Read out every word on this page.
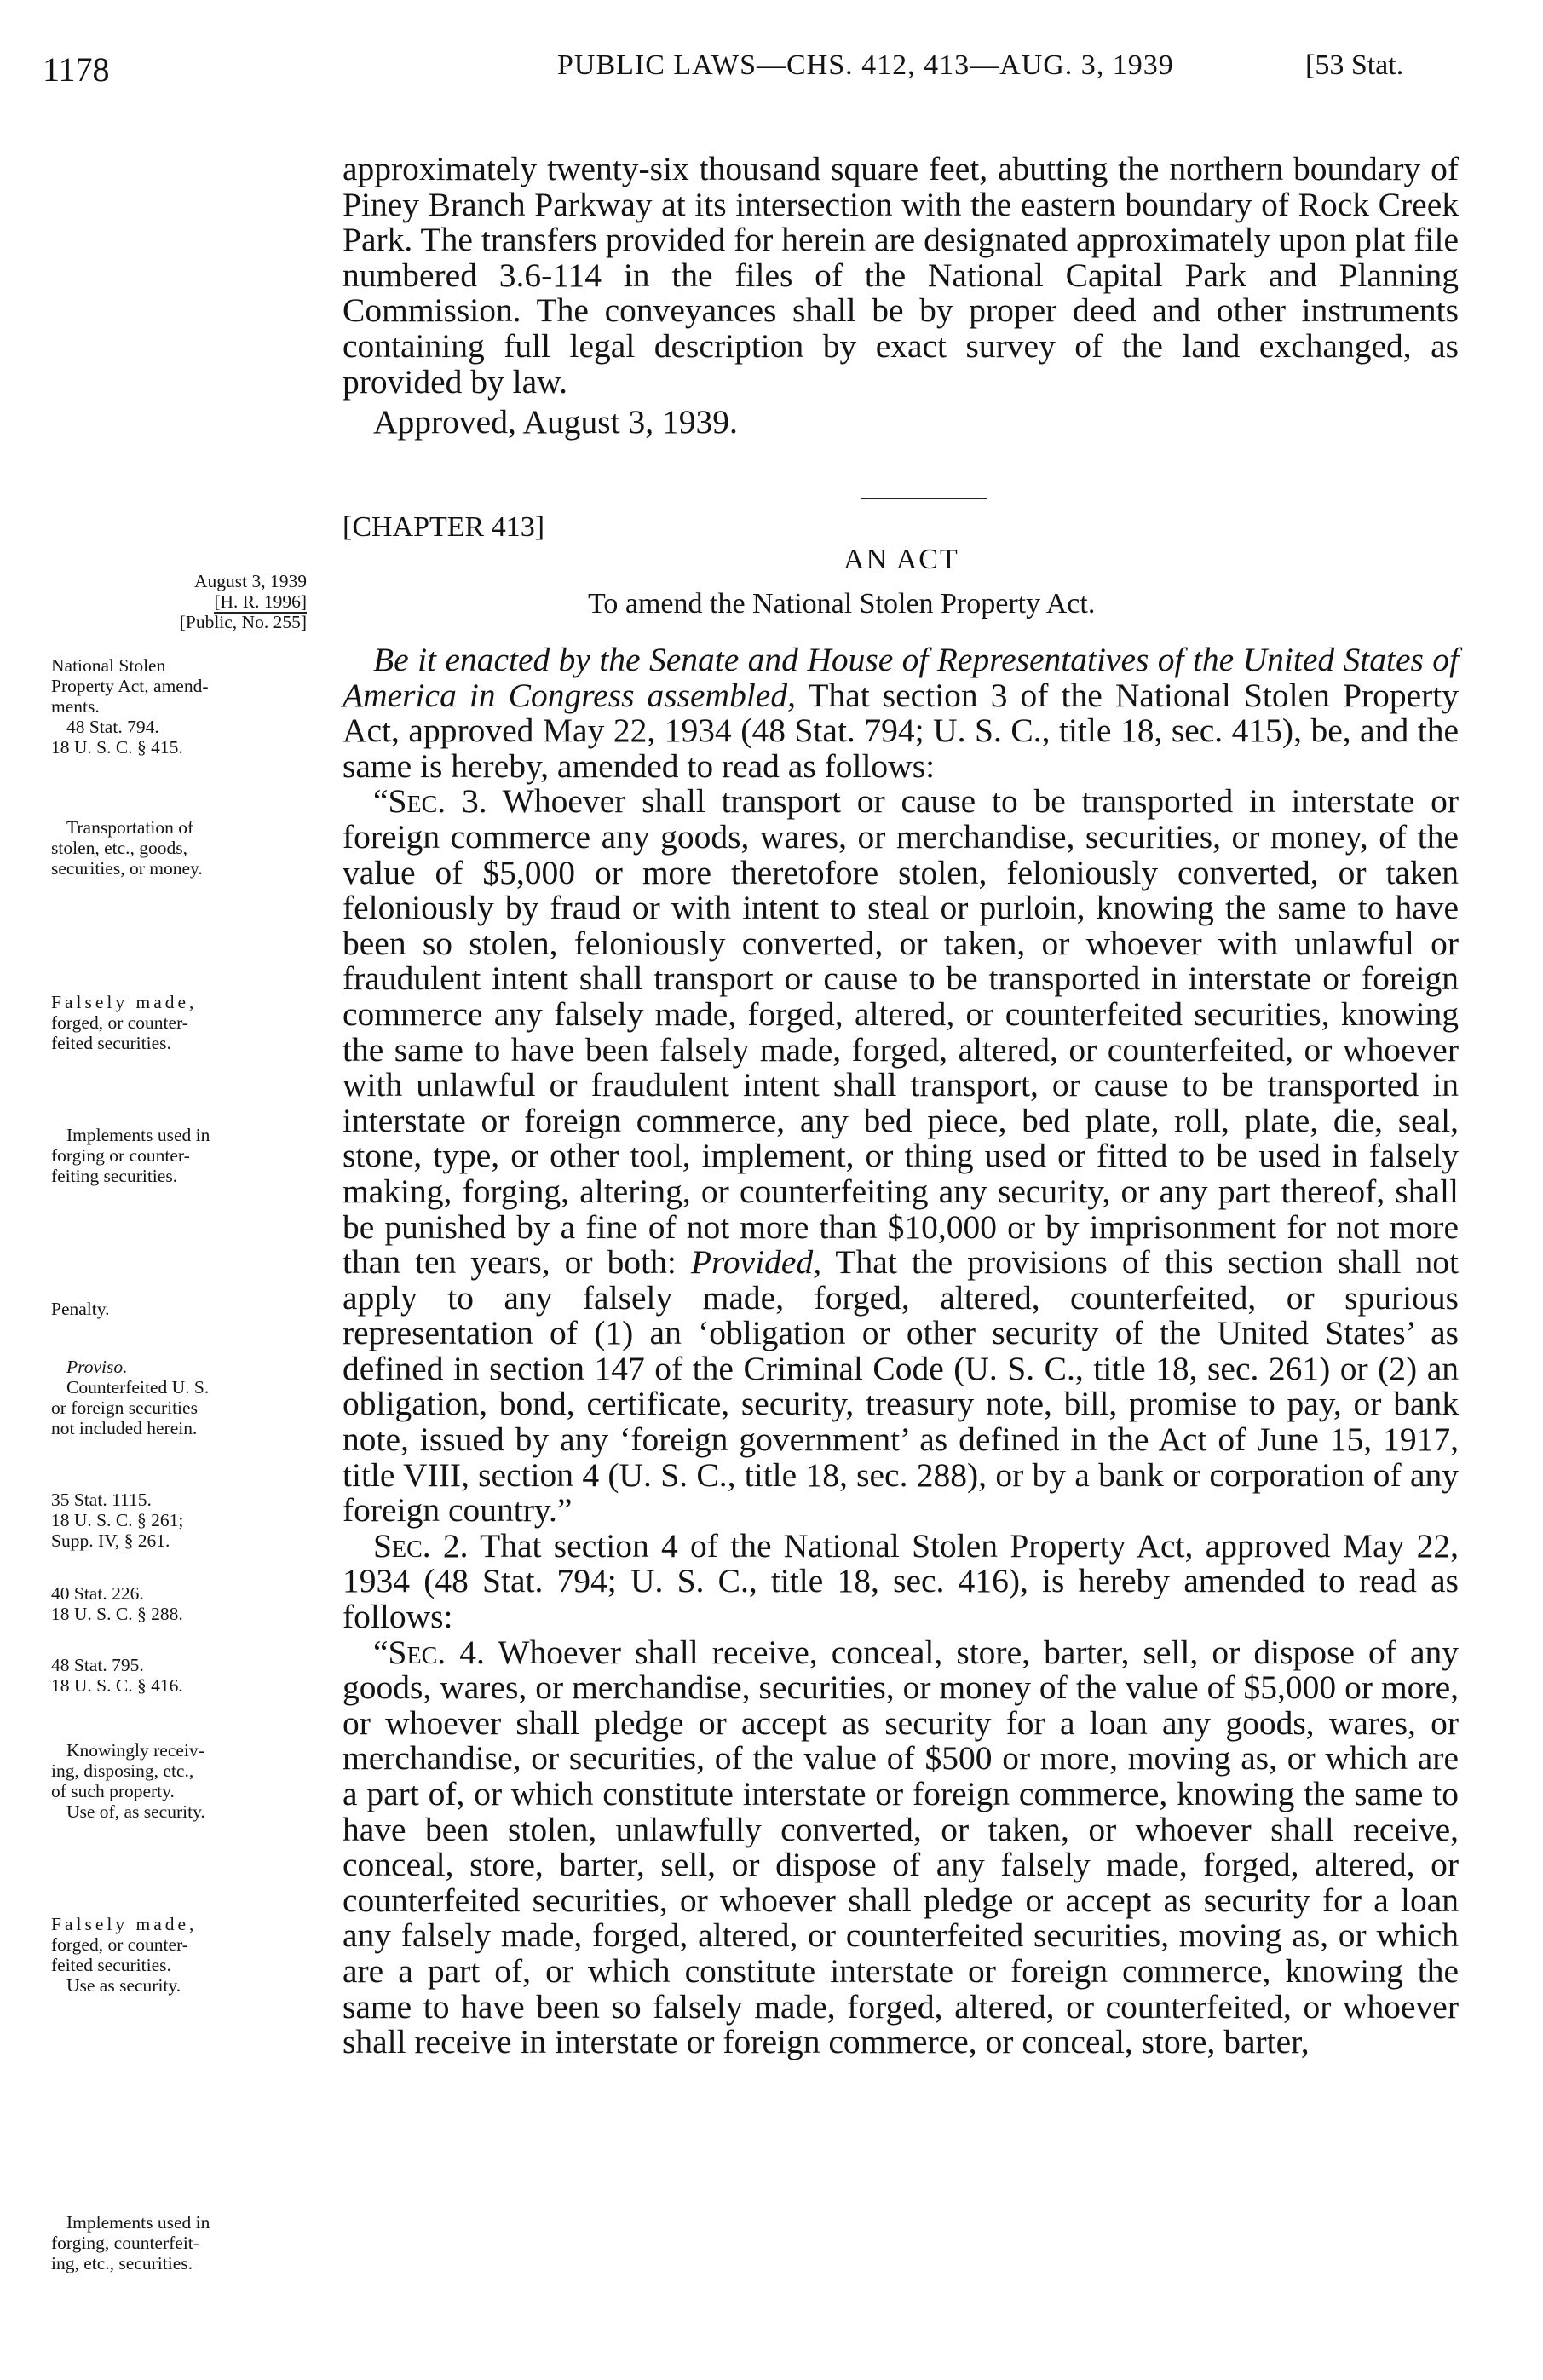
1178	PUBLIC LAWS—CHS. 412, 413—AUG. 3, 1939	[53 Stat.

approximately twenty-six thousand square feet, abutting the northern boundary of Piney Branch Parkway at its intersection with the eastern boundary of Rock Creek Park. The transfers provided for herein are designated approximately upon plat file numbered 3.6-114 in the files of the National Capital Park and Planning Commission. The conveyances shall be by proper deed and other instruments containing full legal description by exact survey of the land exchanged, as provided by law.

Approved, August 3, 1939.

[CHAPTER 413]
AN ACT
To amend the National Stolen Property Act.

Be it enacted by the Senate and House of Representatives of the United States of America in Congress assembled, That section 3 of the National Stolen Property Act, approved May 22, 1934 (48 Stat. 794; U. S. C., title 18, sec. 415), be, and the same is hereby, amended to read as follows:

“Sec. 3. Whoever shall transport or cause to be transported in interstate or foreign commerce any goods, wares, or merchandise, securities, or money, of the value of $5,000 or more theretofore stolen, feloniously converted, or taken feloniously by fraud or with intent to steal or purloin, knowing the same to have been so stolen, feloniously converted, or taken, or whoever with unlawful or fraudulent intent shall transport or cause to be transported in interstate or foreign commerce any falsely made, forged, altered, or counterfeited securities, knowing the same to have been falsely made, forged, altered, or counterfeited, or whoever with unlawful or fraudulent intent shall transport, or cause to be transported in interstate or foreign commerce, any bed piece, bed plate, roll, plate, die, seal, stone, type, or other tool, implement, or thing used or fitted to be used in falsely making, forging, altering, or counterfeiting any security, or any part thereof, shall be punished by a fine of not more than $10,000 or by imprisonment for not more than ten years, or both: Provided, That the provisions of this section shall not apply to any falsely made, forged, altered, counterfeited, or spurious representation of (1) an ‘obligation or other security of the United States’ as defined in section 147 of the Criminal Code (U. S. C., title 18, sec. 261) or (2) an obligation, bond, certificate, security, treasury note, bill, promise to pay, or bank note, issued by any ‘foreign government’ as defined in the Act of June 15, 1917, title VIII, section 4 (U. S. C., title 18, sec. 288), or by a bank or corporation of any foreign country.”

Sec. 2. That section 4 of the National Stolen Property Act, approved May 22, 1934 (48 Stat. 794; U. S. C., title 18, sec. 416), is hereby amended to read as follows:

“Sec. 4. Whoever shall receive, conceal, store, barter, sell, or dispose of any goods, wares, or merchandise, securities, or money of the value of $5,000 or more, or whoever shall pledge or accept as security for a loan any goods, wares, or merchandise, or securities, of the value of $500 or more, moving as, or which are a part of, or which constitute interstate or foreign commerce, knowing the same to have been stolen, unlawfully converted, or taken, or whoever shall receive, conceal, store, barter, sell, or dispose of any falsely made, forged, altered, or counterfeited securities, or whoever shall pledge or accept as security for a loan any falsely made, forged, altered, or counterfeited securities, moving as, or which are a part of, or which constitute interstate or foreign commerce, knowing the same to have been so falsely made, forged, altered, or counterfeited, or whoever shall receive in interstate or foreign commerce, or conceal, store, barter,

August 3, 1939
[H. R. 1996]
[Public, No. 255]
National Stolen
Property Act, amend-
ments.
48 Stat. 794.
18 U. S. C. § 415.
Transportation of
stolen, etc., goods,
securities, or money.
Falsely made,
forged, or counter-
feited securities.
Implements used in
forging or counter-
feiting securities.
Penalty.
Proviso.
Counterfeited U. S.
or foreign securities
not included herein.
35 Stat. 1115.
18 U. S. C. § 261;
Supp. IV, § 261.
40 Stat. 226.
18 U. S. C. § 288.
48 Stat. 795.
18 U. S. C. § 416.
Knowingly receiv-
ing, disposing, etc.,
of such property.
Use of, as security.
Falsely made,
forged, or counter-
feited securities.
Use as security.
Implements used in
forging, counterfeit-
ing, etc., securities.
